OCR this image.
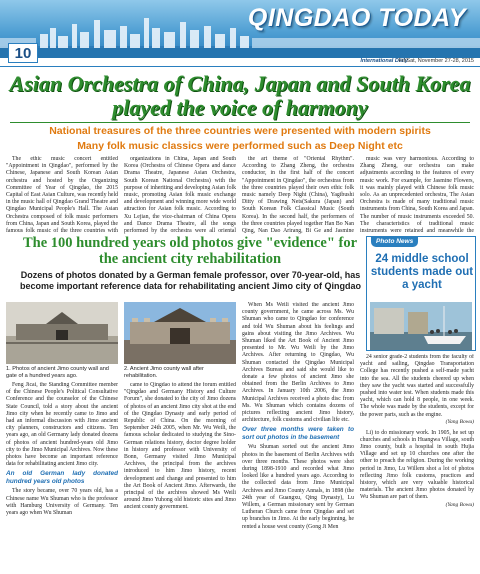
QINGDAO TODAY
10	International Daily
Fri/Sat, November 27-28, 2015
Asian Orchestra of China, Japan and South Korea played the voice of harmony
National treasures of the three countries were presented with modern spirits
Many folk music classics were performed such as Deep Night etc

The ethic music concert entitled "Appointment in Qingdao", performed by the Chinese, Japanese and South Korean Asian orchestra and hosted by the Organizing Committee of Year of Qingdao, the 2015 Capital of East Asian Culture, was recently held in the music hall of Qingdao Grand Theatre and Qingdao Municipal People's Hall. The Asian Orchestra composed of folk music performers from China, Japan and South Korea, played the famous folk music of the three countries with

organizations in China, Japan and South Korea (Orchestra of Chinese Opera and dance Drama Theatre, Japanese Asian Orchestra, South Korean National Orchestra) with the purpose of inheriting and developing Asian folk music, promoting Asian folk music exchange and development and winning more wide world attraction for Asian folk music. According to Xu Lejian, the vice-chairman of China Opera and Dance Drama Theatre, all the songs performed by the orchestra were all oriental

the art theme of "Oriental Rhythm". According to Zhang Zheng, the orchestra conductor, in the first half of the concert "Appointment in Qingdao", the orchestras from the three countries played their own ethic folk music namely Deep Night (China), Yagibushi Ditty of Drawing Nets(Sakura (Japan) and South Korean Folk Classical Music (South Korea). In the second half, the performers of the three countries played together Han Bo Nan Qing, Nan Dao Arirang, Bi Ge and Jasmine

music was very harmonious. According to Zhang Zheng, our orchestra can make adjustments according to the features of every music work. For example, for Jasmine Flowers, it was mainly played with Chinese folk music solo. As an unprecedented orchestra, The Asian Orchestra is made of many traditional music instruments from China, South Korea and Japan. The number of music instruments exceeded 50. The characteristics of traditional music instruments were retained and meanwhile the

The 100 hundred years old photos give "evidence" for the ancient city rehabilitation
Dozens of photos donated by a German female professor, over 70-year-old, has become important reference data for rehabilitating ancient Jimo city of Qingdao
Photo News
24 middle school students made out a yacht
1. Photos of ancient Jimo county wall and gate of a hundred years ago.
2. Ancient Jimo county wall after rehabilitation.

Feng Jicai, the Standing Committee member of the Chinese People's Political Consultative Conference and the counselor of the Chinese State Council, told a story about the ancient Jimo city when he recently came to Jimo and had an informal discussion with Jimo ancient city planners, constructors and citizens. Ten years ago, an old Germany lady donated dozens of photos of ancient hundred-years old Jimo city to the Jimo Municipal Archives. Now these photos have become an important reference data for rehabilitating ancient Jimo city.

An old German lady donated hundred years old photos

The story became, over 70 years old, has a Chinese name Wu Shuman who is the professor with Hamburg University of Germany. Ten years ago when Wu Shuman

came to Qingdao to attend the forum entitled "Qingdao and Germany History and Culture Forum", she donated to the city of Jimo dozens of photos of an ancient Jimo city shot at the end of the Qingdao Dynasty and early period of Republic of China. On the morning of September 24th 2005, when Mr. Wu Weili, the famous scholar dedicated to studying the Sino-German relations history, doctor degree holder in history and professor with University of Bonn, Germany visited Jimo Municipal Archives, the principal from the archives introduced to him Jimo history, recent development and change and presented to him the Art Book of Ancient Jimo. Afterwards, the principal of the archives showed Ms Weili around Jimo Yuhong old historic sites and Jimo ancient county government.

When Ms Weili visited the ancient Jimo county government, he came across Ms. Wu Shuman who came to Qingdao for conference and told Wu Shuman about his feelings and gains about visiting the Jimo Archives. Wu Shuman liked the Art Book of Ancient Jimo presented to Mr. Wu Weili by the Jimo Archives. After returning to Qingdao, Wu Shuman contacted the Qingdao Municipal Archives Bureau and said she would like to donate a few photos of ancient Jimo she obtained from the Berlin Archives to Jimo Archives. In January 10th 2006, the Jimo Municipal Archives received a photo disc from Ms. Wu Shuman which contains dozens of pictures reflecting ancient Jimo history, architecture, folk customs and civilian life etc.

Over three months were taken to sort out photos in the basement

Wu Shuman sorted out the ancient Jimo photos in the basement of Berlin Archives with over three months. These photos were shot during 1898-1910 and recorded what Jimo looked like a hundred years ago. According to the collected data from Jimo Municipal Archives and Jimo County Annals, in 1898 (the 24th year of Guangxu, Qing Dynasty), Lu Willem, a German missionary sent by German Lutheran Church came from Qingdao and set up branches in Jimo. At the early beginning, he rented a house west county (Gong Ji Men

24 senior grade-2 students from the faculty of yacht and sailing, Qingdao Transportation College has recently pushed a self-made yacht into the sea. All the students cheered up when they saw the yacht was started and successfully pushed into water test. When students made this yacht, which can hold 8 people, in one week. The whole was made by the students, except for the power parts, such as the engine.

(Yang Bowu)

Li) to do missionary work. In 1905, he set up churches and schools in Huangwa Village, south Jimo county, built a hospital in south Hujia Village and set up 10 churches one after the other to preach the religion. During the working period in Jimo, Lu Willem shot a lot of photos reflecting Jimo folk customs, practices and history, which are very valuable historical materials. The ancient Jimo photos donated by Wu Shuman are part of them.

(Yang Bowu)
